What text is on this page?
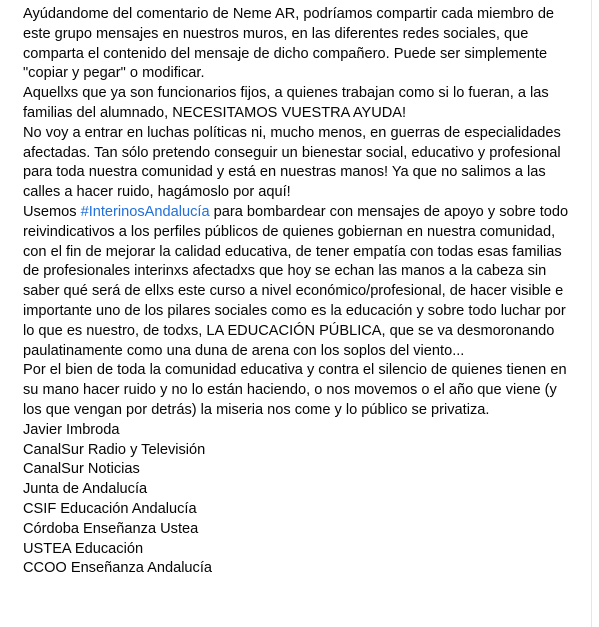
Ayúdandome del comentario de Neme AR, podríamos compartir cada miembro de
este grupo mensajes en nuestros muros, en las diferentes redes sociales, que
comparta el contenido del mensaje de dicho compañero. Puede ser simplemente
"copiar y pegar" o modificar.

Aquellxs que ya son funcionarios fijos, a quienes trabajan como si lo fueran, a las
familias del alumnado, NECESITAMOS VUESTRA AYUDA!

No voy a entrar en luchas políticas ni, mucho menos, en guerras de especialidades
afectadas. Tan sólo pretendo conseguir un bienestar social, educativo y profesional
para toda nuestra comunidad y está en nuestras manos! Ya que no salimos a las
calles a hacer ruido, hagámoslo por aquí!

Usemos #InterinosAndalucía para bombardear con mensajes de apoyo y sobre todo
reivindicativos a los perfiles públicos de quienes gobiernan en nuestra comunidad,
con el fin de mejorar la calidad educativa, de tener empatía con todas esas familias
de profesionales interinxs afectadxs que hoy se echan las manos a la cabeza sin
saber qué será de ellxs este curso a nivel económico/profesional, de hacer visible e
importante uno de los pilares sociales como es la educación y sobre todo luchar por
lo que es nuestro, de todxs, LA EDUCACIÓN PÚBLICA, que se va desmoronando
paulatinamente como una duna de arena con los soplos del viento...

Por el bien de toda la comunidad educativa y contra el silencio de quienes tienen en
su mano hacer ruido y no lo están haciendo, o nos movemos o el año que viene (y
los que vengan por detrás) la miseria nos come y lo público se privatiza.

Javier Imbroda
CanalSur Radio y Televisión
CanalSur Noticias
Junta de Andalucía
CSIF Educación Andalucía
Córdoba Enseñanza Ustea
USTEA Educación
CCOO Enseñanza Andalucía
